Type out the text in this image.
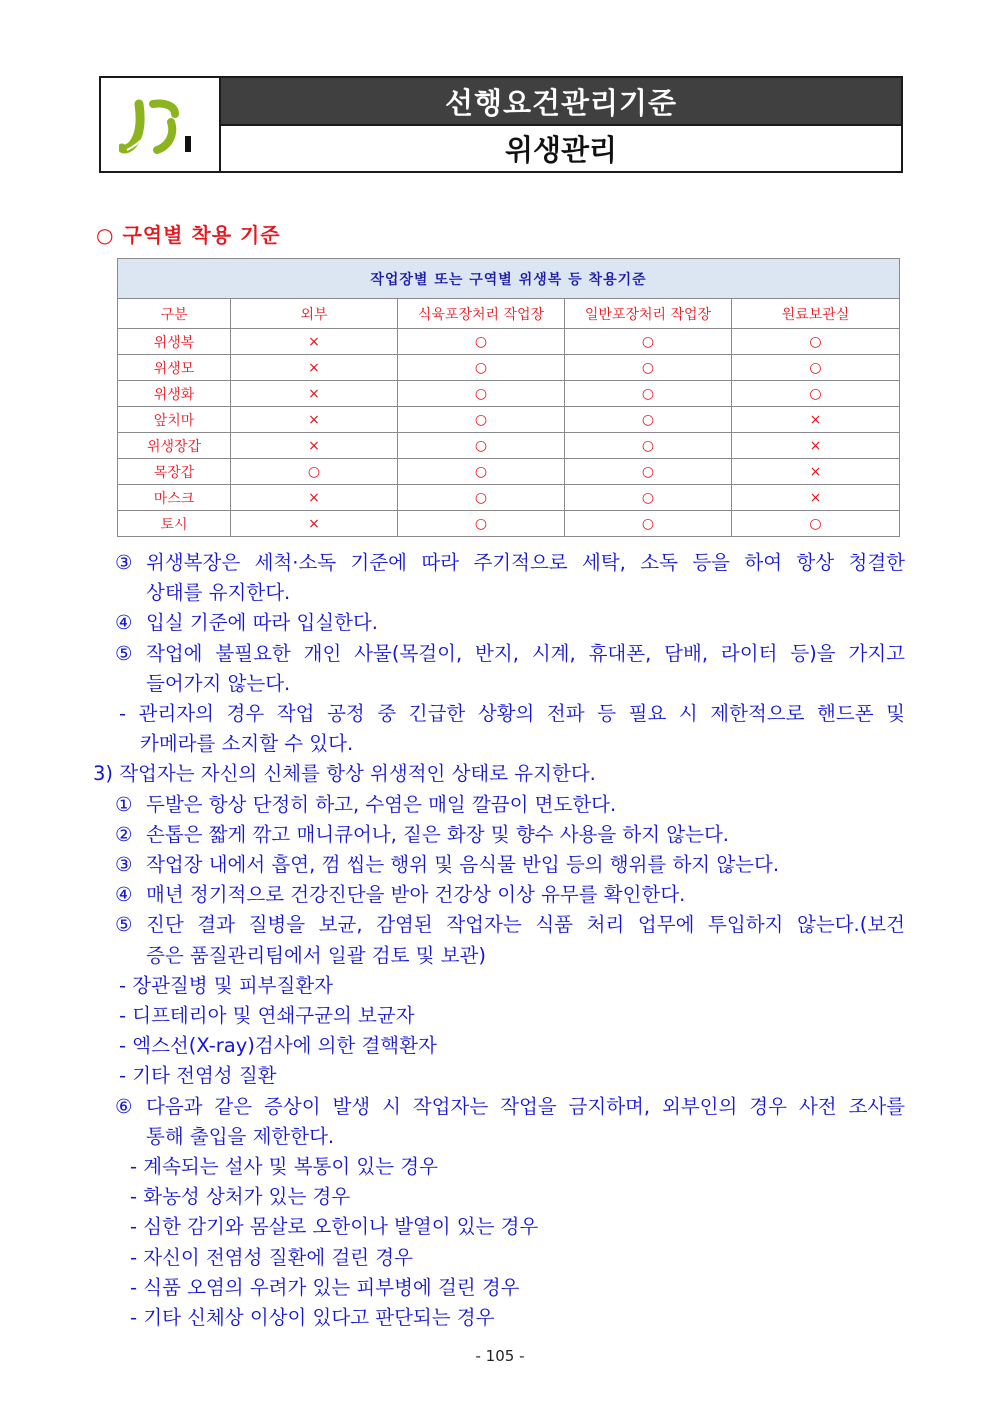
선행요건관리기준
위생관리
○ 구역별 착용 기준
작업장별 또는 구역별 위생복 등 착용기준				
구분	외부	식육포장처리 작업장	일반포장처리 작업장	원료보관실
위생복	×	○	○	○
위생모	×	○	○	○
위생화	×	○	○	○
앞치마	×	○	○	×
위생장갑	×	○	○	×
목장갑	○	○	○	×
마스크	×	○	○	×
토시	×	○	○	○
③ 위생복장은 세척·소독 기준에 따라 주기적으로 세탁, 소독 등을 하여 항상 청결한
상태를 유지한다.
④ 입실 기준에 따라 입실한다.
⑤ 작업에 불필요한 개인 사물(목걸이, 반지, 시계, 휴대폰, 담배, 라이터 등)을 가지고
들어가지 않는다.
- 관리자의 경우 작업 공정 중 긴급한 상황의 전파 등 필요 시 제한적으로 핸드폰 및
카메라를 소지할 수 있다.
3) 작업자는 자신의 신체를 항상 위생적인 상태로 유지한다.
① 두발은 항상 단정히 하고, 수염은 매일 깔끔이 면도한다.
② 손톱은 짧게 깎고 매니큐어나, 짙은 화장 및 향수 사용을 하지 않는다.
③ 작업장 내에서 흡연, 껌 씹는 행위 및 음식물 반입 등의 행위를 하지 않는다.
④ 매년 정기적으로 건강진단을 받아 건강상 이상 유무를 확인한다.
⑤ 진단 결과 질병을 보균, 감염된 작업자는 식품 처리 업무에 투입하지 않는다.(보건
증은 품질관리팀에서 일괄 검토 및 보관)
- 장관질병 및 피부질환자
- 디프테리아 및 연쇄구균의 보균자
- 엑스선(X-ray)검사에 의한 결핵환자
- 기타 전염성 질환
⑥ 다음과 같은 증상이 발생 시 작업자는 작업을 금지하며, 외부인의 경우 사전 조사를
통해 출입을 제한한다.
- 계속되는 설사 및 복통이 있는 경우
- 화농성 상처가 있는 경우
- 심한 감기와 몸살로 오한이나 발열이 있는 경우
- 자신이 전염성 질환에 걸린 경우
- 식품 오염의 우려가 있는 피부병에 걸린 경우
- 기타 신체상 이상이 있다고 판단되는 경우
- 105 -
